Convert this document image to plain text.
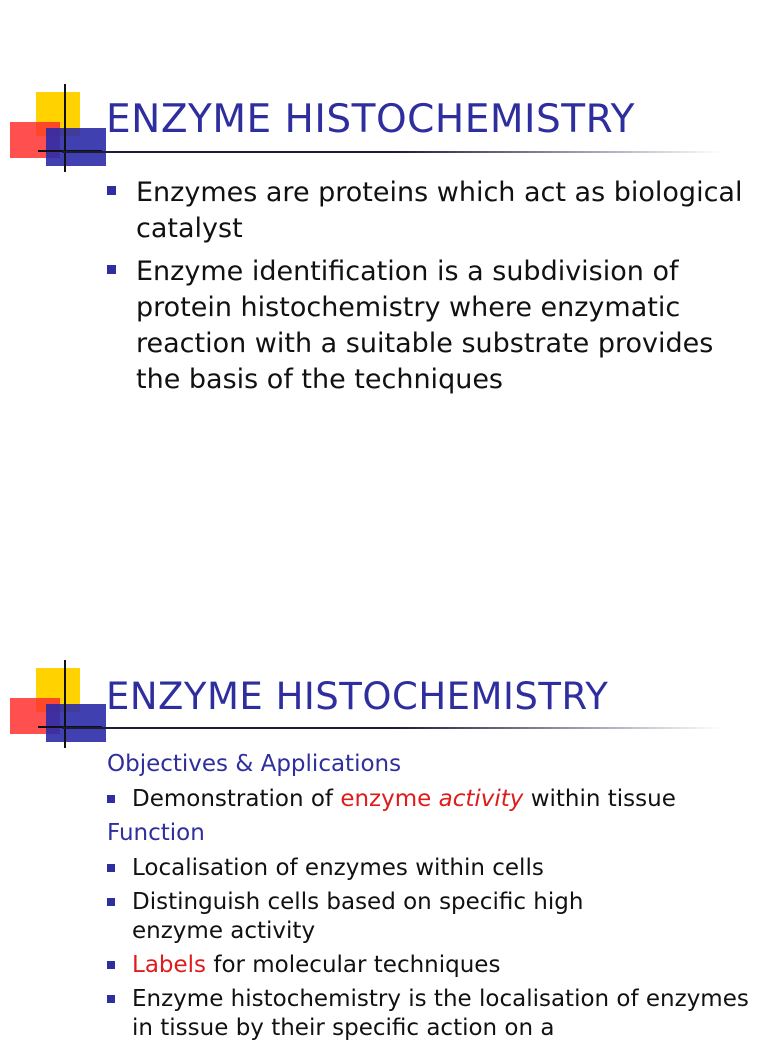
ENZYME HISTOCHEMISTRY
Enzymes are proteins which act as biological catalyst
Enzyme identification is a subdivision of protein histochemistry where enzymatic reaction with a suitable substrate provides the basis of the techniques
ENZYME HISTOCHEMISTRY
Objectives & Applications
Demonstration of enzyme activity within tissue
Function
Localisation of enzymes within cells
Distinguish cells based on specific high enzyme activity
Labels for molecular techniques
Enzyme histochemistry is the localisation of enzymes in tissue by their specific action on a
